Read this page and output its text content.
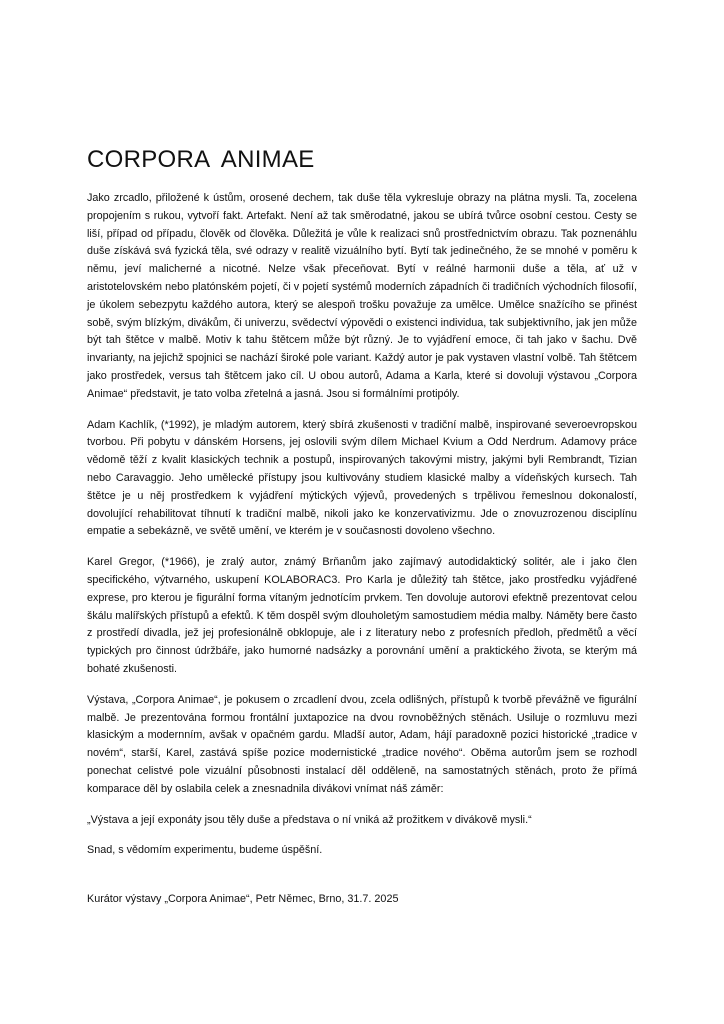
CORPORA ANIMAE

Jako zrcadlo, přiložené k ústům, orosené dechem, tak duše těla vykresluje obrazy na plátna mysli. Ta, zocelena propojením s rukou, vytvoří fakt. Artefakt. Není až tak směrodatné, jakou se ubírá tvůrce osobní cestou. Cesty se liší, případ od případu, člověk od člověka. Důležitá je vůle k realizaci snů prostřednictvím obrazu. Tak poznenáhlu duše získává svá fyzická těla, své odrazy v realitě vizuálního bytí. Bytí tak jedinečného, že se mnohé v poměru k němu, jeví malicherné a nicotné. Nelze však přeceňovat. Bytí v reálné harmonii duše a těla, ať už v aristotelovském nebo platónském pojetí, či v pojetí systémů moderních západních či tradičních východních filosofií, je úkolem sebezpytu každého autora, který se alespoň trošku považuje za umělce. Umělce snažícího se přinést sobě, svým blízkým, divákům, či univerzu, svědectví výpovědi o existenci individua, tak subjektivního, jak jen může být tah štětce v malbě. Motiv k tahu štětcem může být různý. Je to vyjádření emoce, či tah jako v šachu. Dvě invarianty, na jejichž spojnici se nachází široké pole variant. Každý autor je pak vystaven vlastní volbě. Tah štětcem jako prostředek, versus tah štětcem jako cíl. U obou autorů, Adama a Karla, které si dovoluji výstavou „Corpora Animae“ představit, je tato volba zřetelná a jasná. Jsou si formálními protipóly.

Adam Kachlík, (*1992), je mladým autorem, který sbírá zkušenosti v tradiční malbě, inspirované severoevropskou tvorbou. Při pobytu v dánském Horsens, jej oslovili svým dílem Michael Kvium a Odd Nerdrum. Adamovy práce vědomě těží z kvalit klasických technik a postupů, inspirovaných takovými mistry, jakými byli Rembrandt, Tizian nebo Caravaggio. Jeho umělecké přístupy jsou kultivovány studiem klasické malby a vídeňských kursech. Tah štětce je u něj prostředkem k vyjádření mýtických výjevů, provedených s trpělivou řemeslnou dokonalostí, dovolující rehabilitovat tíhnutí k tradiční malbě, nikoli jako ke konzervativizmu. Jde o znovuzrozenou disciplínu empatie a sebekázně, ve světě umění, ve kterém je v současnosti dovoleno všechno.

Karel Gregor, (*1966), je zralý autor, známý Brňanům jako zajímavý autodidaktický solitér, ale i jako člen specifického, výtvarného, uskupení KOLABORAC3. Pro Karla je důležitý tah štětce, jako prostředku vyjádřené exprese, pro kterou je figurální forma vítaným jednotícím prvkem. Ten dovoluje autorovi efektně prezentovat celou škálu malířských přístupů a efektů. K těm dospěl svým dlouholetým samostudiem média malby. Náměty bere často z prostředí divadla, jež jej profesionálně obklopuje, ale i z literatury nebo z profesních předloh, předmětů a věcí typických pro činnost údržbáře, jako humorné nadsázky a porovnání umění a praktického života, se kterým má bohaté zkušenosti.

Výstava, „Corpora Animae“, je pokusem o zrcadlení dvou, zcela odlišných, přístupů k tvorbě převážně ve figurální malbě. Je prezentována formou frontální juxtapozice na dvou rovnoběžných stěnách. Usiluje o rozmluvu mezi klasickým a modernním, avšak v opačném gardu. Mladší autor, Adam, hájí paradoxně pozici historické „tradice v novém“, starší, Karel, zastává spíše pozice modernistické „tradice nového“. Oběma autorům jsem se rozhodl ponechat celistvé pole vizuální působnosti instalací děl odděleně, na samostatných stěnách, proto že přímá komparace děl by oslabila celek a znesnadnila divákovi vnímat náš záměr:

„Výstava a její exponáty jsou těly duše a představa o ní vniká až prožitkem v divákově mysli.“

Snad, s vědomím experimentu, budeme úspěšní.

Kurátor výstavy „Corpora Animae“, Petr Němec, Brno, 31.7. 2025
